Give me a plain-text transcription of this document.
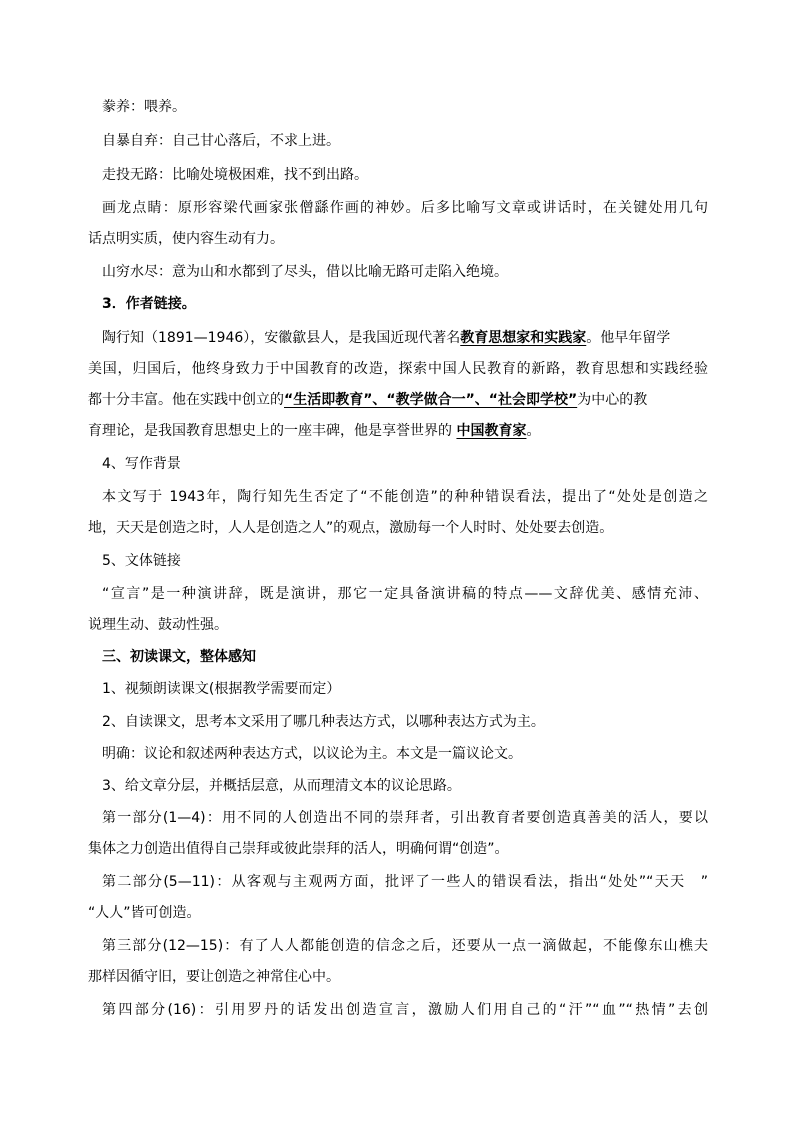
豢养：喂养。
自暴自弃：自己甘心落后，不求上进。
走投无路：比喻处境极困难，找不到出路。
画龙点睛：原形容梁代画家张僧繇作画的神妙。后多比喻写文章或讲话时，在关键处用几句
话点明实质，使内容生动有力。
山穷水尽：意为山和水都到了尽头，借以比喻无路可走陷入绝境。
3．作者链接。
陶行知（1891—1946），安徽歙县人，是我国近现代著名教育思想家和实践家。他早年留学
美国，归国后，他终身致力于中国教育的改造，探索中国人民教育的新路，教育思想和实践经验
都十分丰富。他在实践中创立的“生活即教育”、“教学做合一”、“社会即学校”为中心的教
育理论，是我国教育思想史上的一座丰碑，他是享誉世界的 中国教育家。
4、写作背景
本文写于 1943年，陶行知先生否定了“不能创造”的种种错误看法，提出了“处处是创造之
地，天天是创造之时，人人是创造之人”的观点，激励每一个人时时、处处要去创造。
5、文体链接
“宣言”是一种演讲辞，既是演讲，那它一定具备演讲稿的特点——文辞优美、感情充沛、
说理生动、鼓动性强。
三、初读课文，整体感知
1、视频朗读课文(根据教学需要而定）
2、自读课文，思考本文采用了哪几种表达方式，以哪种表达方式为主。
明确：议论和叙述两种表达方式，以议论为主。本文是一篇议论文。
3、给文章分层，并概括层意，从而理清文本的议论思路。
第一部分(1—4)：用不同的人创造出不同的崇拜者，引出教育者要创造真善美的活人，要以
集体之力创造出值得自己崇拜或彼此崇拜的活人，明确何谓“创造”。
第二部分(5—11)：从客观与主观两方面，批评了一些人的错误看法，指出“处处”“天天　”
“人人”皆可创造。
第三部分(12—15)：有了人人都能创造的信念之后，还要从一点一滴做起，不能像东山樵夫
那样因循守旧，要让创造之神常住心中。
第四部分(16)：引用罗丹的话发出创造宣言，激励人们用自己的“汗”“血”“热情”去创
